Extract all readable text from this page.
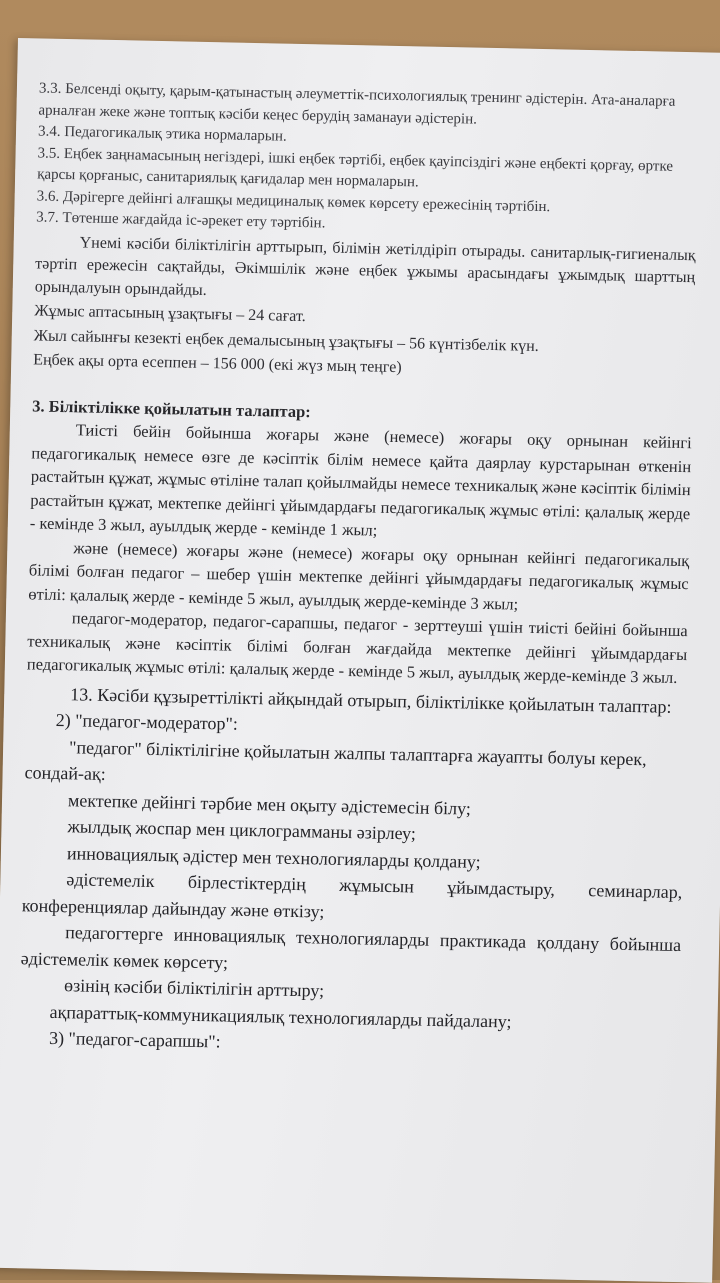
3.3. Белсенді оқыту, қарым-қатынастың әлеуметтік-психологиялық тренинг әдістерін. Ата-аналарға арналған жеке және топтық кәсіби кеңес берудің заманауи әдістерін.

3.4. Педагогикалық этика нормаларын.

3.5. Еңбек заңнамасының негіздері, ішкі еңбек тәртібі, еңбек қауіпсіздігі және еңбекті қорғау, өртке қарсы қорғаныс, санитариялық қағидалар мен нормаларын.

3.6. Дәрігерге дейінгі алғашқы медициналық көмек көрсету ережесінің тәртібін.

3.7. Төтенше жағдайда іс-әрекет ету тәртібін.

Үнемі кәсіби біліктілігін арттырып, білімін жетілдіріп отырады. санитарлық-гигиеналық тәртіп ережесін сақтайды, Әкімшілік және еңбек ұжымы арасындағы ұжымдық шарттың орындалуын орындайды.

Жұмыс аптасының ұзақтығы – 24 сағат.

Жыл сайынғы кезекті еңбек демалысының ұзақтығы – 56 күнтізбелік күн.

Еңбек ақы орта есеппен – 156 000 (екі жүз мың теңге)

3. Біліктілікке қойылатын талаптар:

Тиісті бейін бойынша жоғары және (немесе) жоғары оқу орнынан кейінгі педагогикалық немесе өзге де кәсіптік білім немесе қайта даярлау курстарынан өткенін растайтын құжат, жұмыс өтіліне талап қойылмайды немесе техникалық және кәсіптік білімін растайтын құжат, мектепке дейінгі ұйымдардағы педагогикалық жұмыс өтілі: қалалық жерде - кемінде 3 жыл, ауылдық жерде - кемінде 1 жыл;

және (немесе) жоғары және (немесе) жоғары оқу орнынан кейінгі педагогикалық білімі болған педагог – шебер үшін мектепке дейінгі ұйымдардағы педагогикалық жұмыс өтілі: қалалық жерде - кемінде 5 жыл, ауылдық жерде-кемінде 3 жыл;

педагог-модератор, педагог-сарапшы, педагог - зерттеуші үшін тиісті бейіні бойынша техникалық және кәсіптік білімі болған жағдайда мектепке дейінгі ұйымдардағы педагогикалық жұмыс өтілі: қалалық жерде - кемінде 5 жыл, ауылдық жерде-кемінде 3 жыл.

13. Кәсіби құзыреттілікті айқындай отырып, біліктілікке қойылатын талаптар:

2) "педагог-модератор":

"педагог" біліктілігіне қойылатын жалпы талаптарға жауапты болуы керек, сондай-ақ:

мектепке дейінгі тәрбие мен оқыту әдістемесін білу;

жылдық жоспар мен циклограмманы әзірлеу;

инновациялық әдістер мен технологияларды қолдану;

әдістемелік бірлестіктердің жұмысын ұйымдастыру, семинарлар, конференциялар дайындау және өткізу;

педагогтерге инновациялық технологияларды практикада қолдану бойынша әдістемелік көмек көрсету;

өзінің кәсіби біліктілігін арттыру;

ақпараттық-коммуникациялық технологияларды пайдалану;

3) "педагог-сарапшы":
